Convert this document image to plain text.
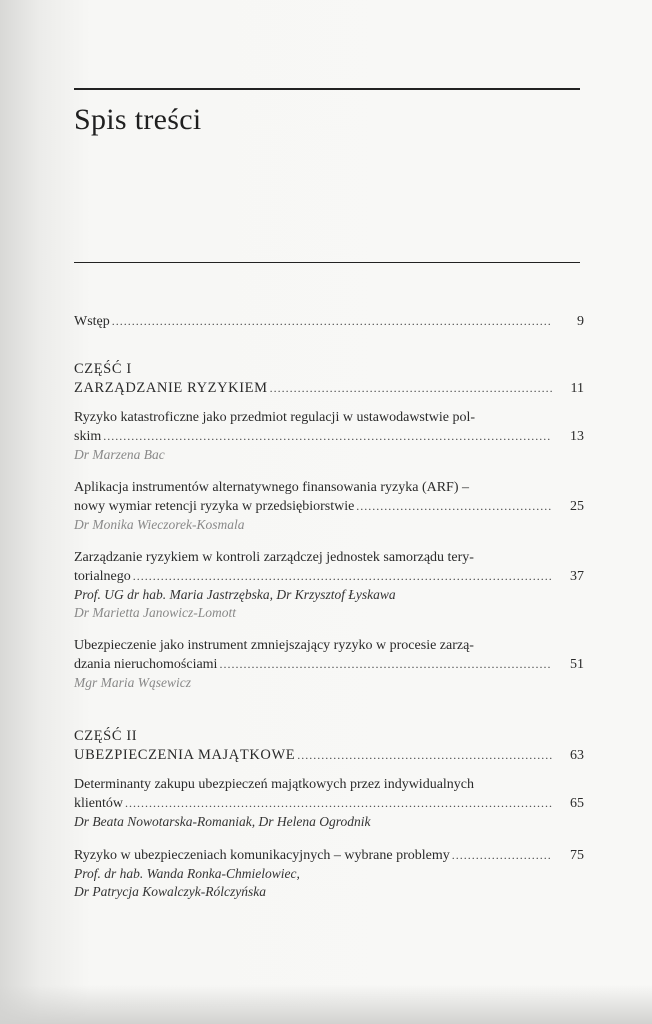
Spis treści
Wstęp .....	9
CZĘŚĆ I
ZARZĄDZANIE RYZYKIEM .....	11
Ryzyko katastroficzne jako przedmiot regulacji w ustawodawstwie pol-
skim .....	13
Dr Marzena Bac
Aplikacja instrumentów alternatywnego finansowania ryzyka (ARF) –
nowy wymiar retencji ryzyka w przedsiębiorstwie .....	25
Dr Monika Wieczorek-Kosmala
Zarządzanie ryzykiem w kontroli zarządczej jednostek samorządu tery-
torialnego .....	37
Prof. UG dr hab. Maria Jastrzębska, Dr Krzysztof Łyskawa
Dr Marietta Janowicz-Lomott
Ubezpieczenie jako instrument zmniejszający ryzyko w procesie zarzą-
dzania nieruchomościami .....	51
Mgr Maria Wąsewicz
CZĘŚĆ II
UBEZPIECZENIA MAJĄTKOWE .....	63
Determinanty zakupu ubezpieczeń majątkowych przez indywidualnych
klientów .....	65
Dr Beata Nowotarska-Romaniak, Dr Helena Ogrodnik
Ryzyko w ubezpieczeniach komunikacyjnych – wybrane problemy .....	75
Prof. dr hab. Wanda Ronka-Chmielowiec,
Dr Patrycja Kowalczyk-Rólczyńska
